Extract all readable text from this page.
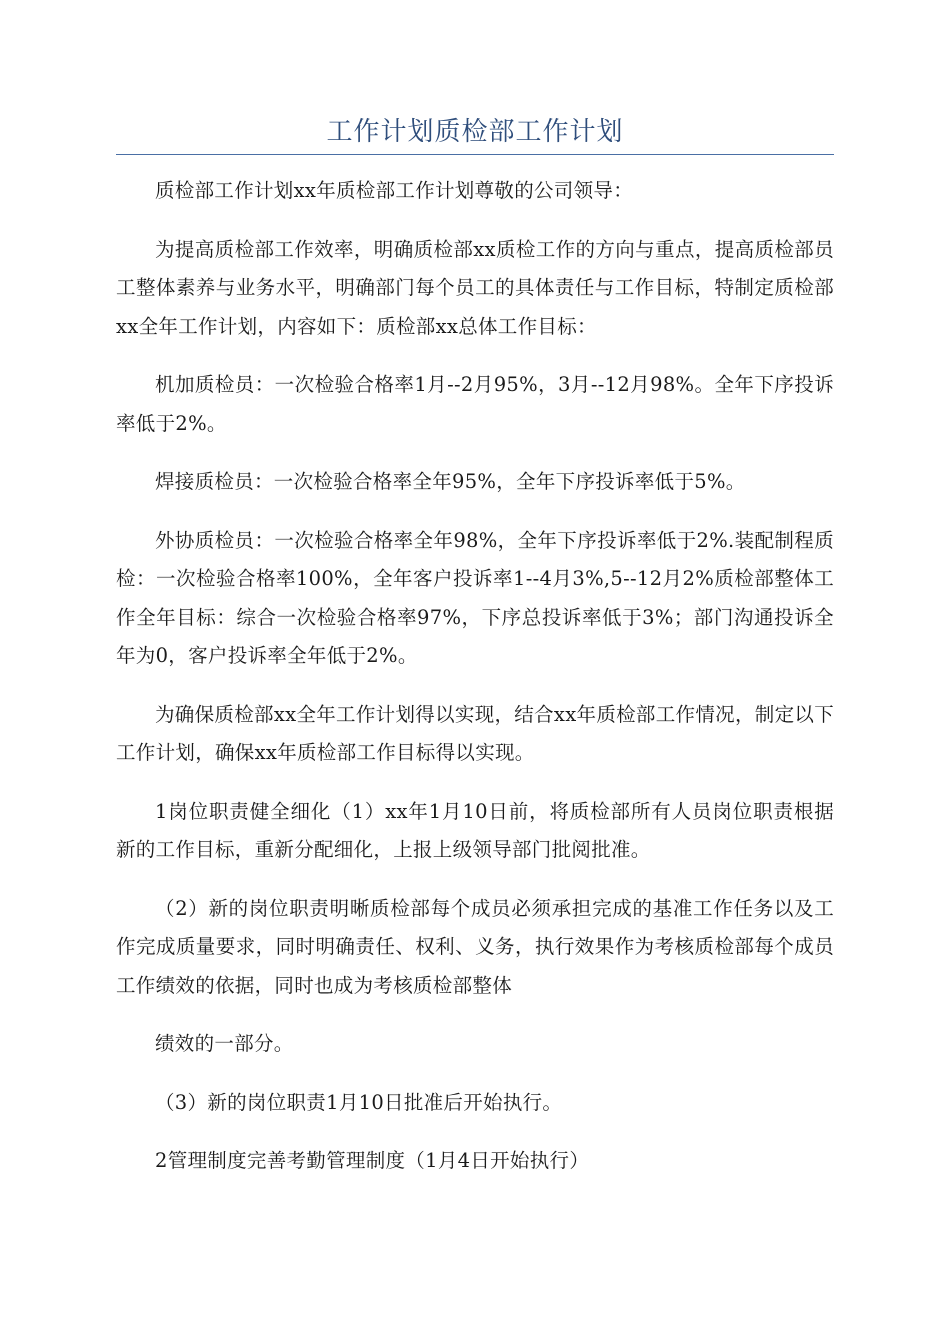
工作计划质检部工作计划

质检部工作计划xx年质检部工作计划尊敬的公司领导：

为提高质检部工作效率，明确质检部xx质检工作的方向与重点，提高质检部员工整体素养与业务水平，明确部门每个员工的具体责任与工作目标，特制定质检部xx全年工作计划，内容如下：质检部xx总体工作目标：

机加质检员：一次检验合格率1月--2月95%，3月--12月98%。全年下序投诉率低于2%。

焊接质检员：一次检验合格率全年95%，全年下序投诉率低于5%。

外协质检员：一次检验合格率全年98%，全年下序投诉率低于2%.装配制程质检：一次检验合格率100%，全年客户投诉率1--4月3%,5--12月2%质检部整体工作全年目标：综合一次检验合格率97%，下序总投诉率低于3%；部门沟通投诉全年为0，客户投诉率全年低于2%。

为确保质检部xx全年工作计划得以实现，结合xx年质检部工作情况，制定以下工作计划，确保xx年质检部工作目标得以实现。

1岗位职责健全细化（1）xx年1月10日前，将质检部所有人员岗位职责根据新的工作目标，重新分配细化，上报上级领导部门批阅批准。

（2）新的岗位职责明晰质检部每个成员必须承担完成的基准工作任务以及工作完成质量要求，同时明确责任、权利、义务，执行效果作为考核质检部每个成员工作绩效的依据，同时也成为考核质检部整体

绩效的一部分。

（3）新的岗位职责1月10日批准后开始执行。

2管理制度完善考勤管理制度（1月4日开始执行）
